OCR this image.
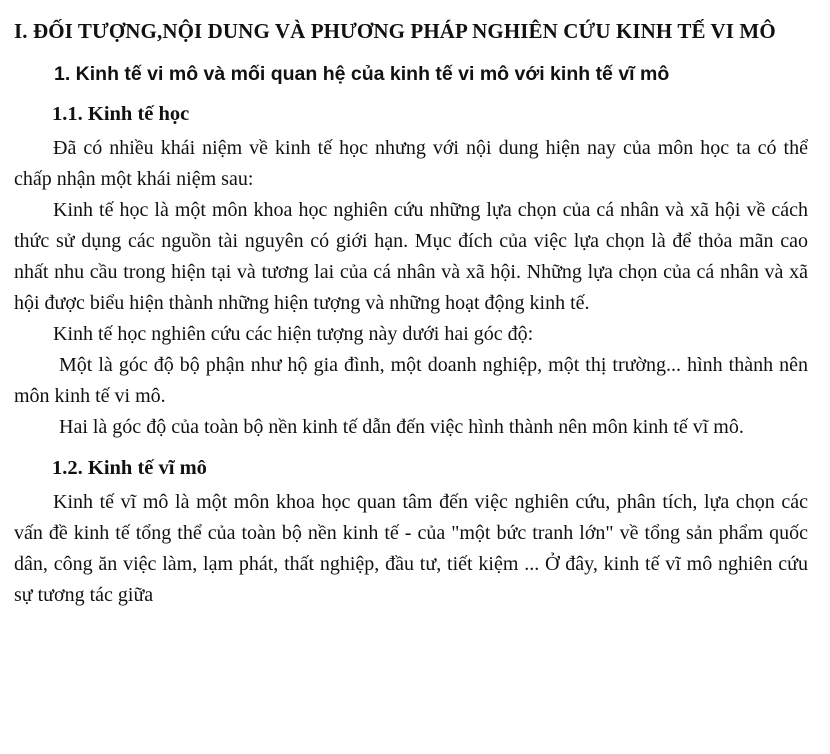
I. ĐỐI TƯỢNG,NỘI DUNG VÀ PHƯƠNG PHÁP NGHIÊN CỨU KINH TẾ VI MÔ
1. Kinh tế vi mô và mối quan hệ của kinh tế vi mô với kinh tế vĩ mô
1.1. Kinh tế học

Đã có nhiều khái niệm về kinh tế học nhưng với nội dung hiện nay của môn học ta có thể chấp nhận một khái niệm sau:

Kinh tế học là một môn khoa học nghiên cứu những lựa chọn của cá nhân và xã hội về cách thức sử dụng các nguồn tài nguyên có giới hạn. Mục đích của việc lựa chọn là để thỏa mãn cao nhất nhu cầu trong hiện tại và tương lai của cá nhân và xã hội. Những lựa chọn của cá nhân và xã hội được biểu hiện thành những hiện tượng và những hoạt động kinh tế.

Kinh tế học nghiên cứu các hiện tượng này dưới hai góc độ:

Một là góc độ bộ phận như hộ gia đình, một doanh nghiệp, một thị trường... hình thành nên môn kinh tế vi mô.

Hai là góc độ của toàn bộ nền kinh tế dẫn đến việc hình thành nên môn kinh tế vĩ mô.

1.2. Kinh tế vĩ mô

Kinh tế vĩ mô là một môn khoa học quan tâm đến việc nghiên cứu, phân tích, lựa chọn các vấn đề kinh tế tổng thể của toàn bộ nền kinh tế - của "một bức tranh lớn" về tổng sản phẩm quốc dân, công ăn việc làm, lạm phát, thất nghiệp, đầu tư, tiết kiệm ... Ở đây, kinh tế vĩ mô nghiên cứu sự tương tác giữa
